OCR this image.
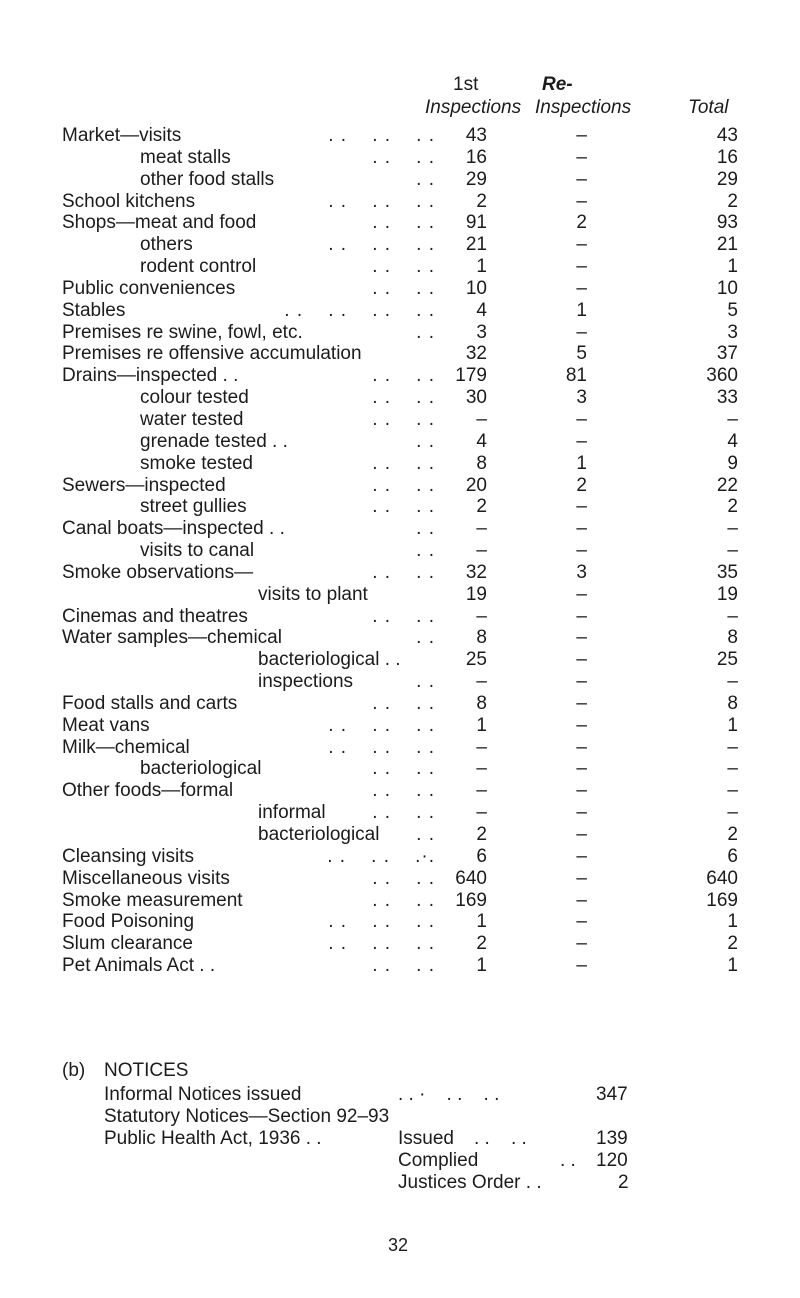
1st	Re-
Inspections Inspections	Total
Market—visits	. .    . .    . .	43	–	43
meat stalls	. .    . .	16	–	16
other food stalls	. .	29	–	29
School kitchens	. .    . .    . .	2	–	2
Shops—meat and food	. .    . .	91	2	93
others	. .    . .    . .	21	–	21
rodent control	. .    . .	1	–	1
Public conveniences	. .    . .	10	–	10
Stables	. .    . .    . .    . .	4	1	5
Premises re swine, fowl, etc.	. .	3	–	3
Premises re offensive accumulation	32	5	37
Drains—inspected . .	. .    . .	179	81	360
colour tested	. .    . .	30	3	33
water tested	. .    . .	–	–	–
grenade tested . .	. .	4	–	4
smoke tested	. .    . .	8	1	9
Sewers—inspected	. .    . .	20	2	22
street gullies	. .    . .	2	–	2
Canal boats—inspected . .	. .	–	–	–
visits to canal	. .	–	–	–
Smoke observations—	. .    . .	32	3	35
visits to plant	19	–	19
Cinemas and theatres	. .    . .	–	–	–
Water samples—chemical	. .	8	–	8
bacteriological . .	25	–	25
inspections	. .	–	–	–
Food stalls and carts	. .    . .	8	–	8
Meat vans	. .    . .    . .	1	–	1
Milk—chemical	. .    . .    . .	–	–	–
bacteriological	. .    . .	–	–	–
Other foods—formal	. .    . .	–	–	–
informal . .    . .	–	–	–
bacteriological . .	2	–	2
Cleansing visits	. .    . .    .·.	6	–	6
Miscellaneous visits	. .    . .	640	–	640
Smoke measurement	. .    . .	169	–	169
Food Poisoning	. .    . .    . .	1	–	1
Slum clearance	. .    . .    . .	2	–	2
Pet Animals Act . .	. .    . .	1	–	1
(b) NOTICES
Informal Notices issued	. . ·    . .    . .	347
Statutory Notices—Section 92–93
Public Health Act, 1936 . .	Issued . .    . .	139
Complied	. . 120
Justices Order . .	2
32
